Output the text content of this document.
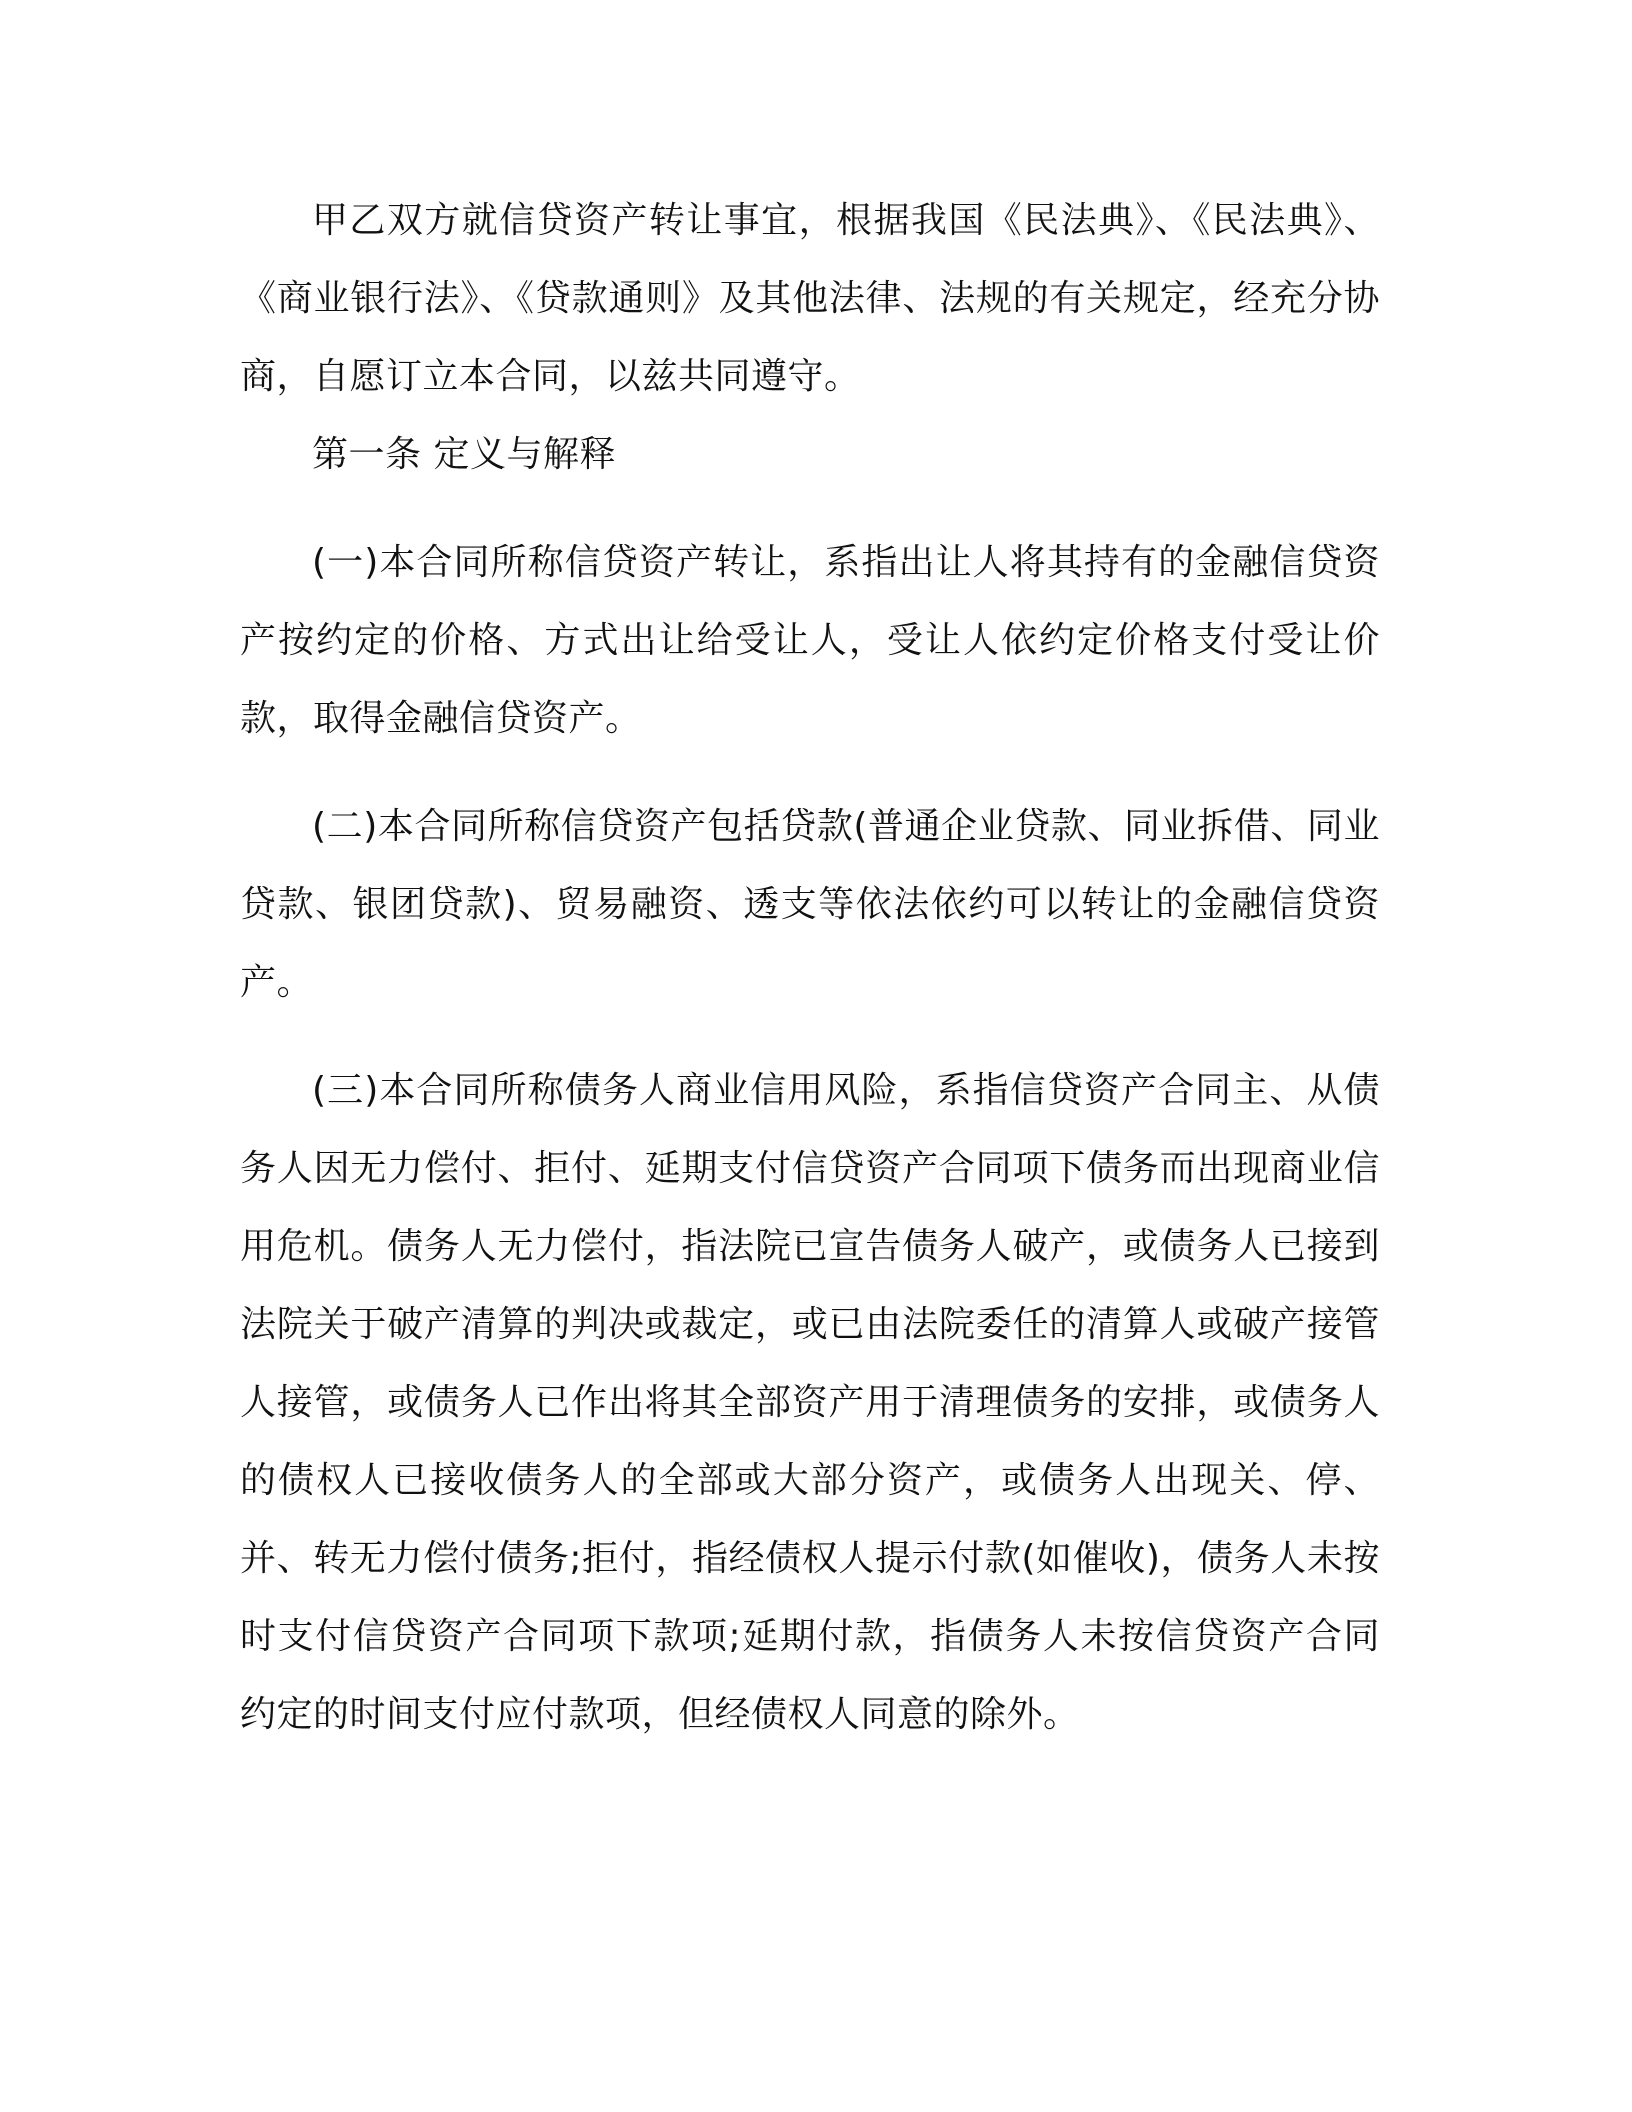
甲乙双方就信贷资产转让事宜，根据我国《民法典》、《民法典》、《商业银行法》、《贷款通则》及其他法律、法规的有关规定，经充分协商，自愿订立本合同，以兹共同遵守。

第一条 定义与解释

(一)本合同所称信贷资产转让，系指出让人将其持有的金融信贷资产按约定的价格、方式出让给受让人，受让人依约定价格支付受让价款，取得金融信贷资产。

(二)本合同所称信贷资产包括贷款(普通企业贷款、同业拆借、同业贷款、银团贷款)、贸易融资、透支等依法依约可以转让的金融信贷资产。

(三)本合同所称债务人商业信用风险，系指信贷资产合同主、从债务人因无力偿付、拒付、延期支付信贷资产合同项下债务而出现商业信用危机。债务人无力偿付，指法院已宣告债务人破产，或债务人已接到法院关于破产清算的判决或裁定，或已由法院委任的清算人或破产接管人接管，或债务人已作出将其全部资产用于清理债务的安排，或债务人的债权人已接收债务人的全部或大部分资产，或债务人出现关、停、并、转无力偿付债务;拒付，指经债权人提示付款(如催收)，债务人未按时支付信贷资产合同项下款项;延期付款，指债务人未按信贷资产合同约定的时间支付应付款项，但经债权人同意的除外。
